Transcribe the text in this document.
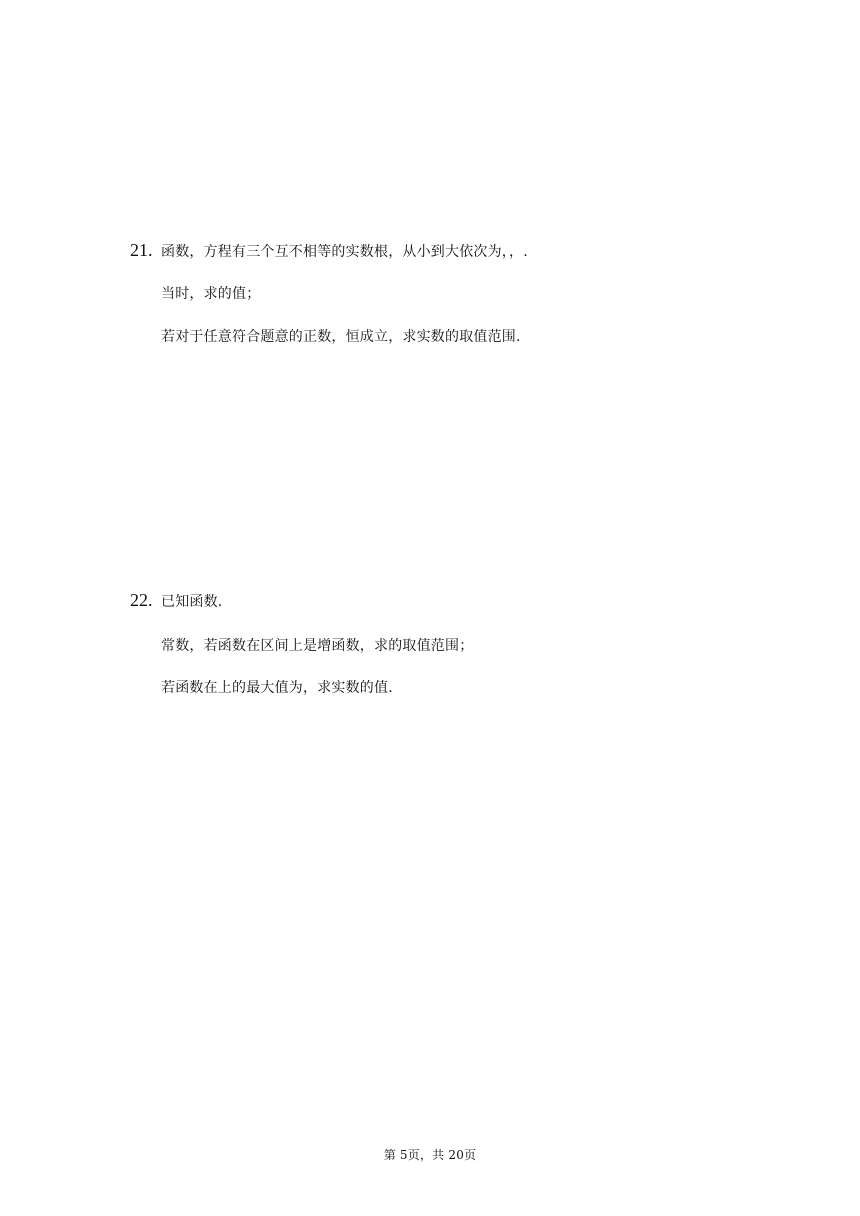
21. 函数，方程有三个互不相等的实数根，从小到大依次为，，.
当时，求的值；
若对于任意符合题意的正数，恒成立，求实数的取值范围.
22. 已知函数.
常数，若函数在区间上是增函数，求的取值范围；
若函数在上的最大值为，求实数的值.
第 5页，共 20页
